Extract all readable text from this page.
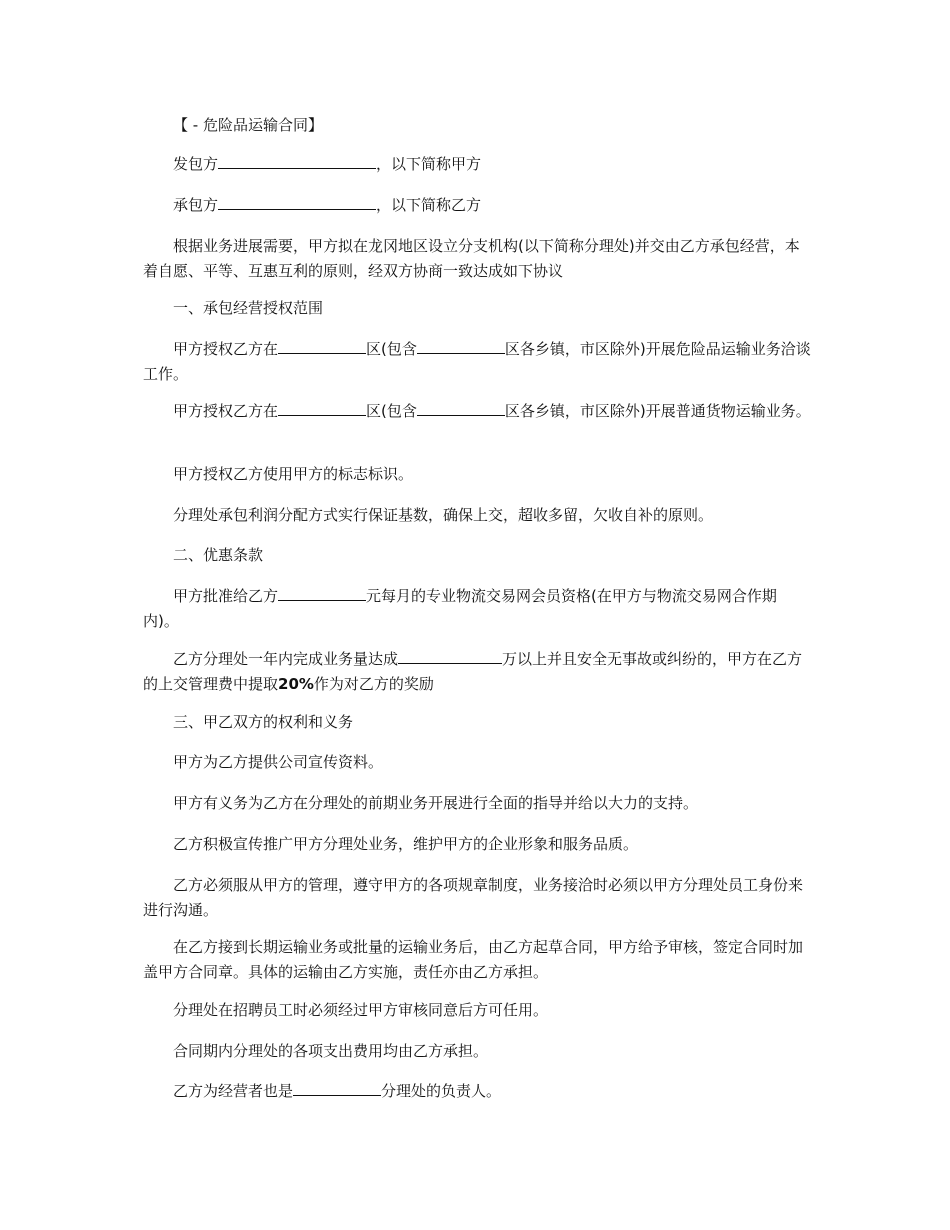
【 - 危险品运输合同】
发包方	，以下简称甲方
承包方	，以下简称乙方
根据业务进展需要，甲方拟在龙冈地区设立分支机构(以下简称分理处)并交由乙方承包经营，本着自愿、平等、互惠互利的原则，经双方协商一致达成如下协议
一、承包经营授权范围
甲方授权乙方在	区(包含	区各乡镇，市区除外)开展危险品运输业务洽谈工作。
甲方授权乙方在	区(包含	区各乡镇，市区除外)开展普通货物运输业务。
甲方授权乙方使用甲方的标志标识。
分理处承包利润分配方式实行保证基数，确保上交，超收多留，欠收自补的原则。
二、优惠条款
甲方批准给乙方	元每月的专业物流交易网会员资格(在甲方与物流交易网合作期内)。
乙方分理处一年内完成业务量达成	万以上并且安全无事故或纠纷的，甲方在乙方的上交管理费中提取20%作为对乙方的奖励
三、甲乙双方的权利和义务
甲方为乙方提供公司宣传资料。
甲方有义务为乙方在分理处的前期业务开展进行全面的指导并给以大力的支持。
乙方积极宣传推广甲方分理处业务，维护甲方的企业形象和服务品质。
乙方必须服从甲方的管理，遵守甲方的各项规章制度，业务接洽时必须以甲方分理处员工身份来进行沟通。
在乙方接到长期运输业务或批量的运输业务后，由乙方起草合同，甲方给予审核，签定合同时加盖甲方合同章。具体的运输由乙方实施，责任亦由乙方承担。
分理处在招聘员工时必须经过甲方审核同意后方可任用。
合同期内分理处的各项支出费用均由乙方承担。
乙方为经营者也是	分理处的负责人。
